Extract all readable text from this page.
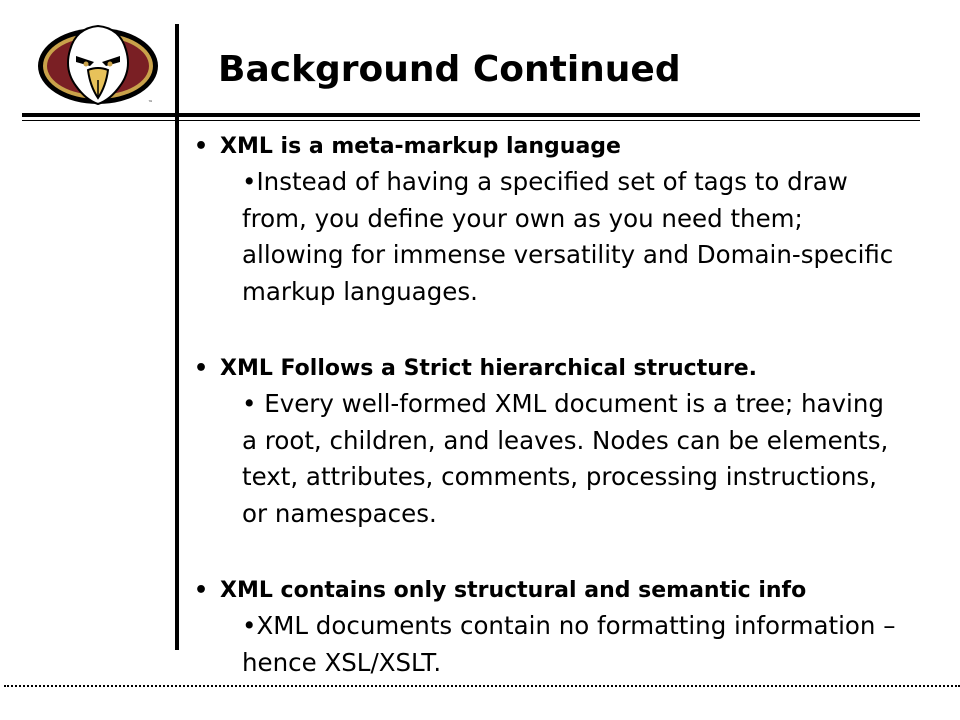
™
Background Continued

• XML is a meta-markup language

•Instead of having a specified set of tags to draw from, you define your own as you need them; allowing for immense versatility and Domain-specific markup languages.

• XML Follows a Strict hierarchical structure.

• Every well-formed XML document is a tree; having a root, children, and leaves. Nodes can be elements, text, attributes, comments, processing instructions, or namespaces.

• XML contains only structural and semantic info

•XML documents contain no formatting information – hence XSL/XSLT.
